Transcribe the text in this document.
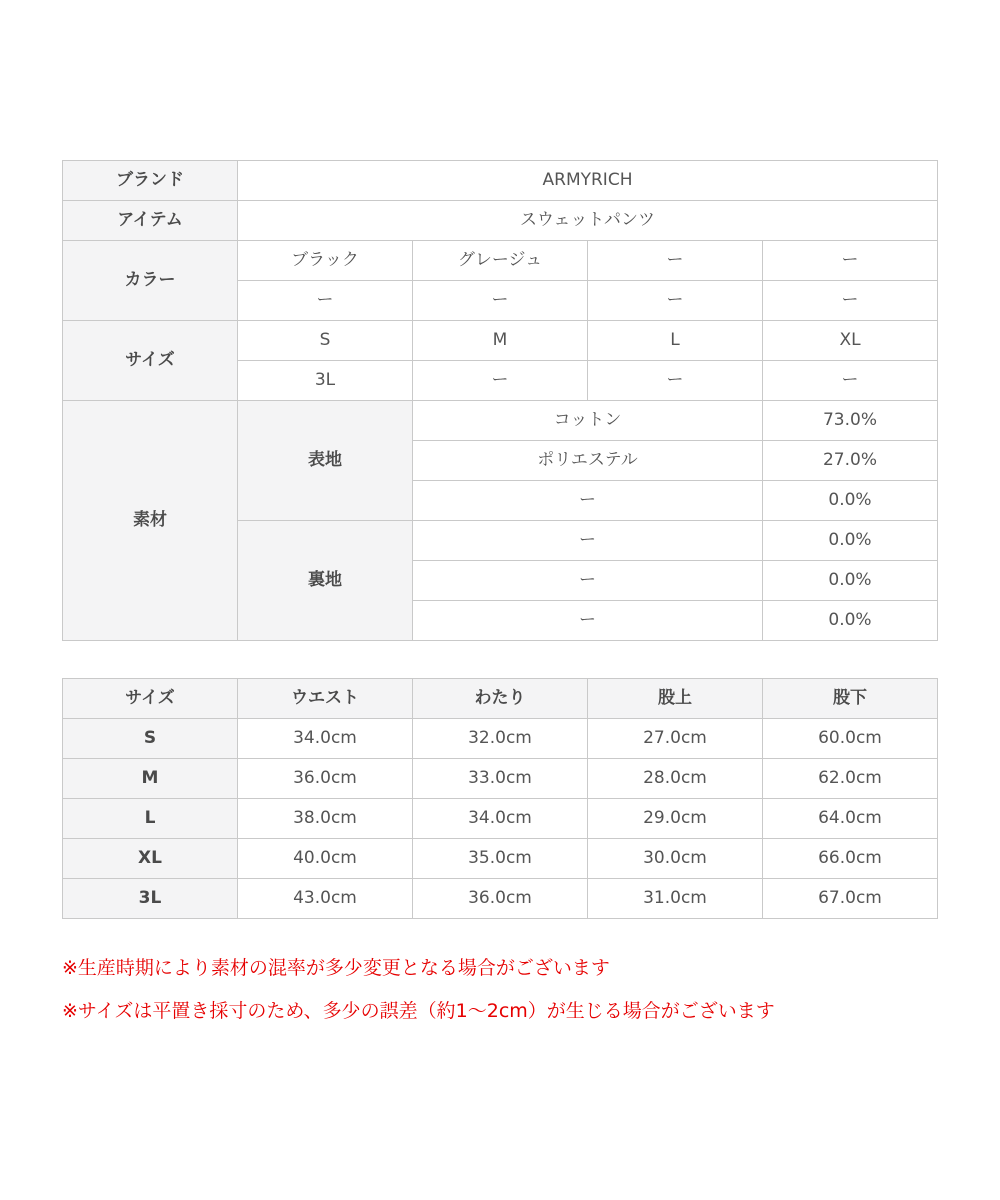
ブランド	ARMYRICH			
アイテム	スウェットパンツ			
カラー	ブラック	グレージュ	ー	ー
	ー	ー	ー	ー
サイズ	S	M	L	XL
	3L	ー	ー	ー
素材	表地	コットン		73.0%
		ポリエステル		27.0%
		ー		0.0%
	裏地	ー		0.0%
		ー		0.0%
		ー		0.0%
サイズ	ウエスト	わたり	股上	股下
S	34.0cm	32.0cm	27.0cm	60.0cm
M	36.0cm	33.0cm	28.0cm	62.0cm
L	38.0cm	34.0cm	29.0cm	64.0cm
XL	40.0cm	35.0cm	30.0cm	66.0cm
3L	43.0cm	36.0cm	31.0cm	67.0cm

※生産時期により素材の混率が多少変更となる場合がございます

※サイズは平置き採寸のため、多少の誤差（約1〜2cm）が生じる場合がございます
